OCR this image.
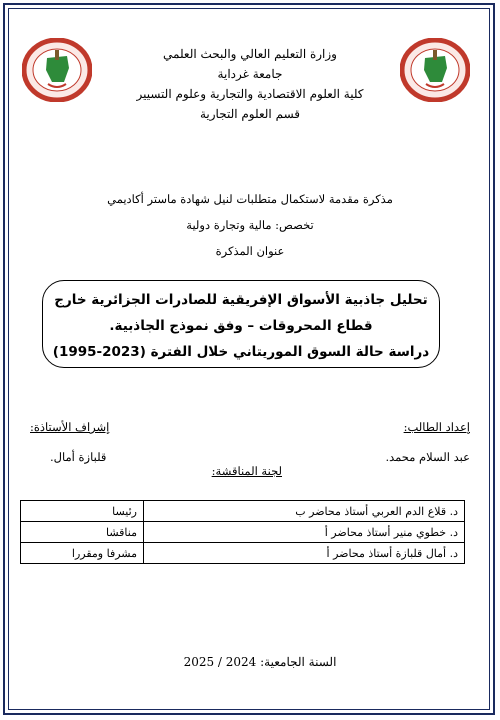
وزارة التعليم العالي والبحث العلمي
جامعة غرداية
كلية العلوم الاقتصادية والتجارية وعلوم التسيير
قسم العلوم التجارية
مذكرة مقدمة لاستكمال متطلبات لنيل شهادة ماستر أكاديمي
تخصص: مالية وتجارة دولية
عنوان المذكرة
تحليل جاذبية الأسواق الإفريقية للصادرات الجزائرية خارج
قطاع المحروقات – وفق نموذج الجاذبية.
دراسة حالة السوق الموريتاني خلال الفترة (2023-1995)
إعداد الطالب:
عبد السلام محمد.
إشراف الأستاذة:
قلبازة أمال.
لجنة المناقشة:
د. قلاع الدم العربي أستاذ محاضر ب	رئيسا
د. خطوي منير أستاذ محاضر أ	مناقشا
د. أمال قلبازة أستاذ محاضر أ	مشرفا ومقررا
السنة الجامعية: 2024 / 2025
